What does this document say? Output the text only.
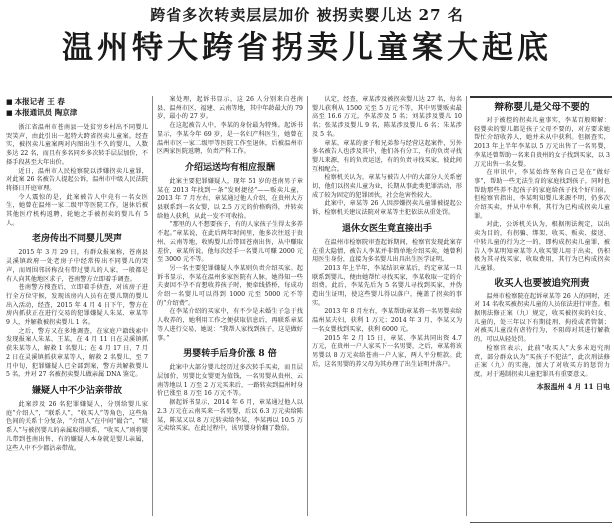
跨省多次转卖层层加价 被拐卖婴儿达 27 名
温州特大跨省拐卖儿童案大起底
■ 本报记者 王 春
■ 本报通讯员 陶京津

浙江省温州市苍南县一处贫穷乡村出不同婴儿哭笑声，由此引出一起特大跨省拐卖儿童案。经查实，被拐卖儿童案两对内图出生不久的婴儿，人数多达 22 名，而且有多名同乡多次转手层层加价，不择手段甚至大年出价。

近日，温州市人民检察院以涉嫌拐卖儿童罪，对此案 26 名被告人提起公诉，温州市中级人民法院将择日开庭审理。

令人震惊的是，此案被告人中竟有一名女医生，她曾在温州一家二级甲等医院工作，退休后被其他医疗机构返聘，轮她之手被拐卖的婴儿有 5 人。

老房传出不同婴儿哭声

2015 年 3 月 29 日，有群众报案称，苍南县灵溪镇政府一处老房子中经常传出不同婴儿的哭声，而周围邻居称没有带过婴儿的人家，一般都是有人向其他地区求子，苍南警方立即着手调查。

苍南警方搜查后，立即着手侦查，对该房子进行全方位守候，发现该房内人员有在婴儿期的婴儿出入活动，经查，2015 年 4 月 4 日下午，警方在房内抓获正在进行交易的犯罪嫌疑人朱某、章某等 9 人，并解救被拐卖婴儿 1 名。

之后，警方又在多地调查，在家庭户籍线索中发现报案人朱某、王某，在 4 月 11 日在灵溪镇抓获朱某等人，解救 1 名婴儿；在 4 月 17 日、7 月 2 日在灵溪镇抓获章某等人，解救 2 名婴儿，至 7 月中旬，犯罪嫌疑人已全部到案，警方共解救婴儿 5 名，并对 27 名被拐卖婴儿做亲属 DNA 鉴定。

嫌疑人中不少沾亲带故

此案涉及 26 名犯罪嫌疑人，分别给婴儿家庭“介绍人”，“联系人”，“收买人”等角色，这些角色间的关系十分复杂，“介绍人”在中间“撮合”，“联系人”与被拐婴儿的亲属取得联系，“收买人”则将婴儿带到苍南出售，有的嫌疑人本身就是婴儿亲属，这些人中不少都沾亲带故。

案处理，起诉书显示，这 26 人分别来自苍南县、温州市区、福建、云南等地，其中年龄最大的 79 岁，最小的 27 岁。

在这起被告人中，李某的身份最为特殊。起诉书显示，李某今年 69 岁，是一名妇产科医生，她曾在温州市区一家二级甲等医院工作至退休，后被温州市区两家医院返聘，负责产科工作。

介绍运送均有相应报酬

此案主要犯罪嫌疑人，现年 51 岁的苍南男子章某在 2013 年找到一条“发财捷径”——贩卖儿童，2013 年 7 月左右，章某通过他人介绍，在贵州大方县联系到一名女婴，以 2.5 万元的价格购得，并转卖给他人获利，从此一发不可收拾。

“那里的人不想要孩子，有的人家孩子生得太多养不起。”章某说，在此后两年时间里，他多次往返于贵州、云南等地，收购婴儿后带回苍南出售，从中赚取差价，章某所说，他每次经手一名婴儿可赚 2000 元至 3000 元不等。

另一名主要犯罪嫌疑人李某则负责介绍买家。起诉书显示，李某在温州多家医院有人脉，她得知一些夫妻因不孕不育想收养孩子时，便牵线搭桥，每成功介绍一名婴儿可以得到 1000 元至 5000 元不等的“介绍费”。

在李某介绍的买家中，有不少是未婚生子急于找人收养的，她利用工作之便获取信息后，再联系章某等人进行交易，她说：“我帮人家找到孩子，这是做好事。”

男婴转手后身价涨 8 倍

此案中大部分婴儿经历过多次转手买卖，而且层层加价，男婴比女婴更为值钱，一名男婴从贵州、云南等地以 1 万至 2 万元买来后，一路转卖到温州时身价已涨至 8 万至 16 万元不等。

据起诉书显示，2014 年 6 月，章某通过他人以 2.3 万元在云南买来一名男婴，后以 6.3 万元卖给陈某，陈某又以 8 万元转卖给李某，李某再以 10.5 万元卖给买家。在此过程中，该男婴身价翻了数倍。

认定，经查，章某涉及被拐卖婴儿达 27 名，每名婴儿获利从 1500 元至 5 万元不等，其中男婴贩卖最高至 16.6 万元，李某涉及 5 名；刘某涉及婴儿 10 名；张某涉及婴儿 9 名，陈某涉及婴儿 6 名；朱某涉及 5 名。

章某、章某的妻子和兄弟参与经营这起案件，另外多名被告人也涉及其中，他们各有分工，有的负责寻找婴儿来源，有的负责运送，有的负责寻找买家，彼此间互相配合。

检察机关认为，章某与被告人中的大部分人关系密切，他们以拐卖儿童为业，长期从事此类犯罪活动，形成了较为固定的犯罪团伙，社会危害性较大。

此案中，章某等 26 人因涉嫌拐卖儿童罪被提起公诉，检察机关建议法院对章某等主犯依法从重处罚。

退休女医生竟直接出手

在温州市检察院审查起诉期间，检察官发现此案存在重大隐情，被告人李某并非简单地介绍买卖，她曾利用医生身份，直接为多名婴儿出具出生医学证明。

2013 年上半年，李某结识章某后，约定章某一旦联系到婴儿，便由她帮忙寻找买家，李某收取一定的介绍费。此后，李某先后为 5 名婴儿寻找到买家，并伪造出生证明，使这些婴儿得以落户，掩盖了拐卖的事实。

2013 年 8 月左右，李某帮助章某将一名男婴卖给温州某夫妇，获利 1 万元；2014 年 3 月，李某又为一名女婴找到买家，获利 6000 元。

2015 年 2 月 15 日，章某、李某共同出资 4.7 万元，在贵州一户人家买下一名男婴，之后，章某将该男婴以 8 万元卖给苍南一户人家，两人平分赃款。此后，这名男婴的养父母为其办理了出生证明并落户。

辩称婴儿是父母不要的

对于被控的拐卖儿童事实，李某百般辩解：轻婴卖的婴儿都是孩子父母不要的，对方要求她帮忙介绍收养人，她并未从中获利。但据查实，2013 年上半年李某以 5 万元出售了一名男婴，李某还曾帮助一名来自贵州的女子找到买家，以 3 万元出售一名女婴。

在审讯中，李某始终坚称自己是在“做好事”，帮助一些无法生育的家庭找到孩子，同时也帮助那些养不起孩子的家庭给孩子找个好归宿。但检察官指出，李某明知婴儿来源不明，仍多次介绍买卖，并从中牟利，其行为已构成拐卖儿童罪。

对此，公诉机关认为，根据刑法规定，以出卖为目的，有拐骗、绑架、收买、贩卖、接送、中转儿童的行为之一的，即构成拐卖儿童罪，被告人李某明知章某等人收买婴儿用于出卖，仍积极为其寻找买家，收取费用，其行为已构成拐卖儿童罪。

收买人也要被追究刑责

温州市检察院在起诉章某等 26 人的同时，还对 14 名收买被拐卖儿童的人员依法进行审查。根据刑法修正案（九）规定，收买被拐卖的妇女、儿童的，处三年以下有期徒刑、拘役或者管制；对被买儿童没有虐待行为，不阻碍对其进行解救的，可以从轻处罚。

检察官表示，此前“收买人”大多未追究刑责，部分群众认为“买孩子不犯法”，此次刑法修正案（九）的实施，加大了对收买方的惩罚力度，对于遏制拐卖儿童犯罪具有重要意义。

本报温州 4 月 11 日电
